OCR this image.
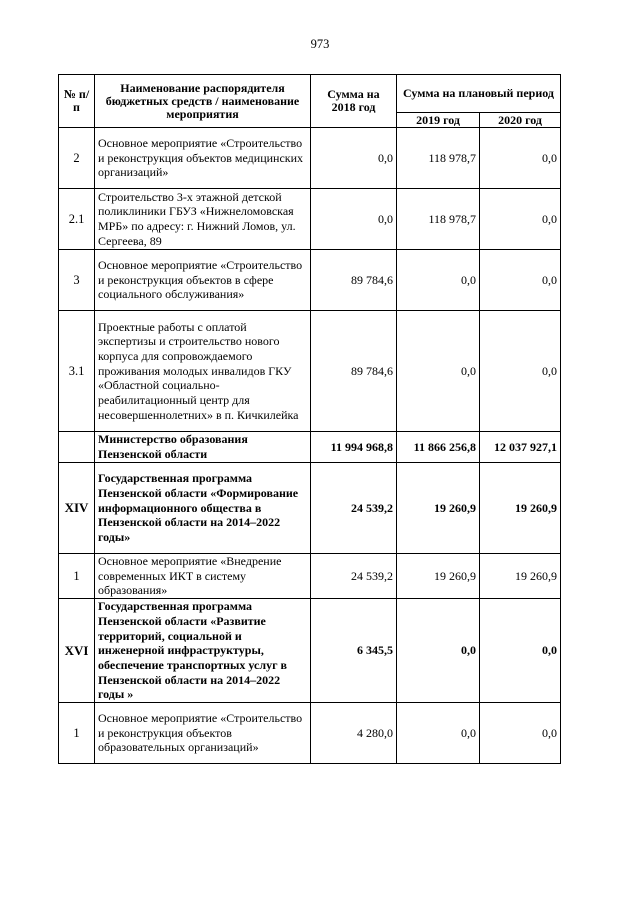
973
№ п/п	Наименование распорядителя бюджетных средств / наименование мероприятия	Сумма на 2018 год	Сумма на плановый период	
			2019 год	2020 год
2	Основное мероприятие «Строительство и реконструкция объектов медицинских организаций»	0,0	118 978,7	0,0
2.1	Строительство 3-х этажной детской поликлиники ГБУЗ «Нижнеломовская МРБ» по адресу: г. Нижний Ломов, ул. Сергеева, 89	0,0	118 978,7	0,0
3	Основное мероприятие «Строительство и реконструкция объектов в сфере социального обслуживания»	89 784,6	0,0	0,0
3.1	Проектные работы с оплатой экспертизы и строительство нового корпуса для сопровождаемого проживания молодых инвалидов ГКУ «Областной социально-реабилитационный центр для несовершеннолетних» в п. Кичкилейка	89 784,6	0,0	0,0
	Министерство образования Пензенской области	11 994 968,8	11 866 256,8	12 037 927,1
XIV	Государственная программа Пензенской области «Формирование информационного общества в Пензенской области на 2014–2022 годы»	24 539,2	19 260,9	19 260,9
1	Основное мероприятие «Внедрение современных ИКТ в систему образования»	24 539,2	19 260,9	19 260,9
XVI	Государственная программа Пензенской области «Развитие территорий, социальной и инженерной инфраструктуры, обеспечение транспортных услуг в Пензенской области на 2014–2022 годы »	6 345,5	0,0	0,0
1	Основное мероприятие «Строительство и реконструкция объектов образовательных организаций»	4 280,0	0,0	0,0
